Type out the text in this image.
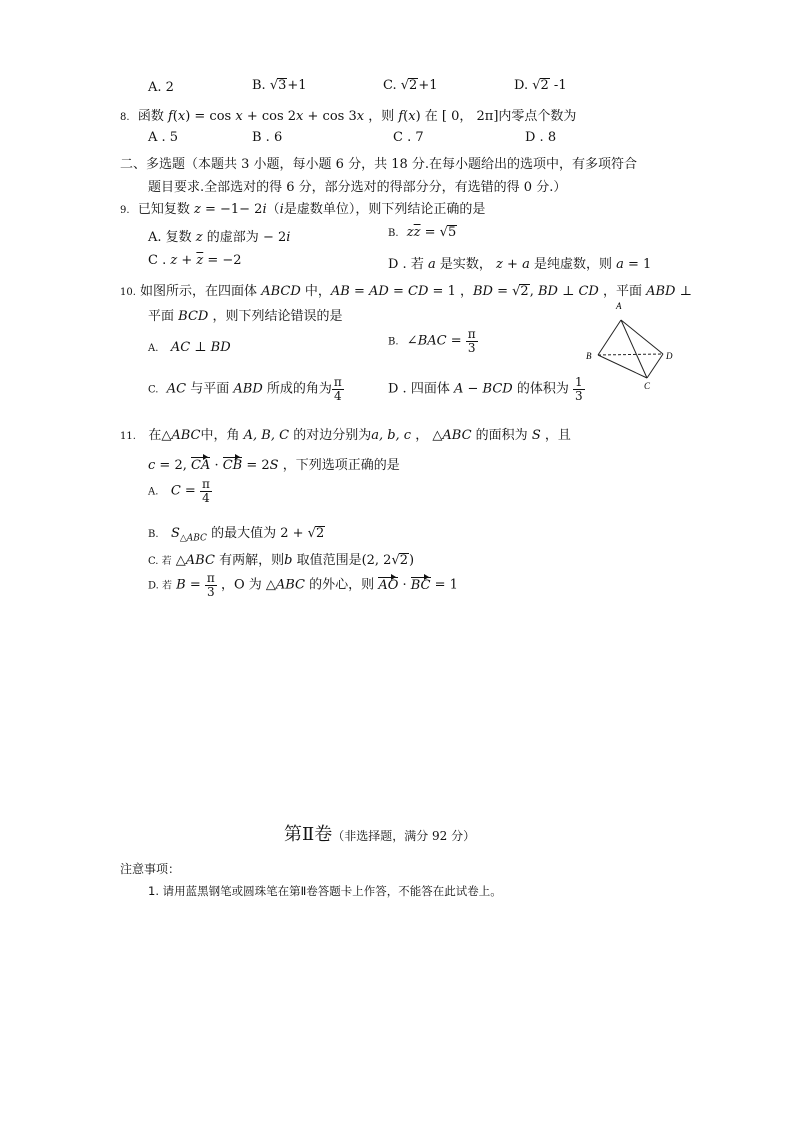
A. 2	B. √3+1	C. √2+1	D. √2 -1
8. 函数 f(x) = cos x + cos 2x + cos 3x ，则 f(x) 在 [ 0， 2π]内零点个数为
A . 5	B . 6	C . 7	D . 8
二、多选题（本题共 3 小题，每小题 6 分，共 18 分.在每小题给出的选项中，有多项符合
题目要求.全部选对的得 6 分，部分选对的得部分分，有选错的得 0 分.）
9. 已知复数 z = −1− 2i（i是虚数单位），则下列结论正确的是
A. 复数 z 的虚部为 − 2i	B. $z\overline{z} = √5$
C . $z + \overline{z} = -2$	D . 若 a 是实数， z + a 是纯虚数，则 a = 1
10. 如图所示，在四面体 ABCD 中，AB = AD = CD = 1 ，BD = √2, BD ⊥ CD ，平面 ABD ⊥
平面 BCD ，则下列结论错误的是
A. AC ⊥ BD	B.  ∠BAC = $\frac{\pi}{3}$
C. AC 与平面 ABD 所成的角为 $\frac{\pi}{4}$	D . 四面体 A − BCD 的体积为 $\frac{1}{3}$
A
B	D
C
11. 在△ABC中，角 A, B, C 的对边分别为a, b, c ， △ABC 的面积为 S ，且
c = 2, CA · CB = 2S ，下列选项正确的是
A. $C = \frac{\pi}{4}$
B. $S_{\triangle ABC}$ 的最大值为 2 + √2
C. 若 △ABC 有两解，则b 取值范围是(2, 2√2)
D. 若 $B = \frac{\pi}{3}$ ，O 为 △ABC 的外心，则 AO · BC = 1
第Ⅱ卷（非选择题，满分 92 分）
注意事项：
1. 请用蓝黑钢笔或圆珠笔在第Ⅱ卷答题卡上作答，不能答在此试卷上。
